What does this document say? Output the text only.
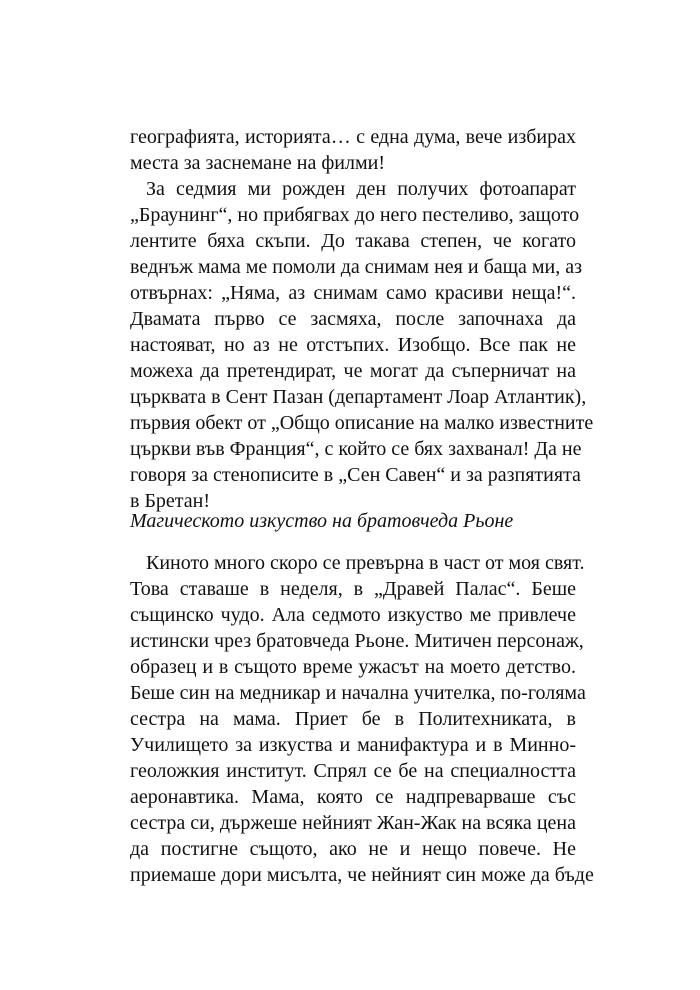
географията, историята… с една дума, вече избирах
места за заснемане на филми!
За седмия ми рожден ден получих фотоапарат
„Браунинг“, но прибягвах до него пестеливо, защото
лентите бяха скъпи. До такава степен, че когато
веднъж мама ме помоли да снимам нея и баща ми, аз
отвърнах: „Няма, аз снимам само красиви неща!“.
Двамата първо се засмяха, после започнаха да
настояват, но аз не отстъпих. Изобщо. Все пак не
можеха да претендират, че могат да съперничат на
църквата в Сент Пазан (департамент Лоар Атлантик),
първия обект от „Общо описание на малко известните
църкви във Франция“, с който се бях захванал! Да не
говоря за стенописите в „Сен Савен“ и за разпятията
в Бретан!
Магическото изкуство на братовчеда Рьоне
Киното много скоро се превърна в част от моя свят.
Това ставаше в неделя, в „Дравей Палас“. Беше
същинско чудо. Ала седмото изкуство ме привлече
истински чрез братовчеда Рьоне. Митичен персонаж,
образец и в същото време ужасът на моето детство.
Беше син на медникар и начална учителка, по-голяма
сестра на мама. Приет бе в Политехниката, в
Училището за изкуства и манифактура и в Минно-
геоложкия институт. Спрял се бе на специалността
аеронавтика. Мама, която се надпреварваше със
сестра си, държеше нейният Жан-Жак на всяка цена
да постигне същото, ако не и нещо повече. Не
приемаше дори мисълта, че нейният син може да бъде
